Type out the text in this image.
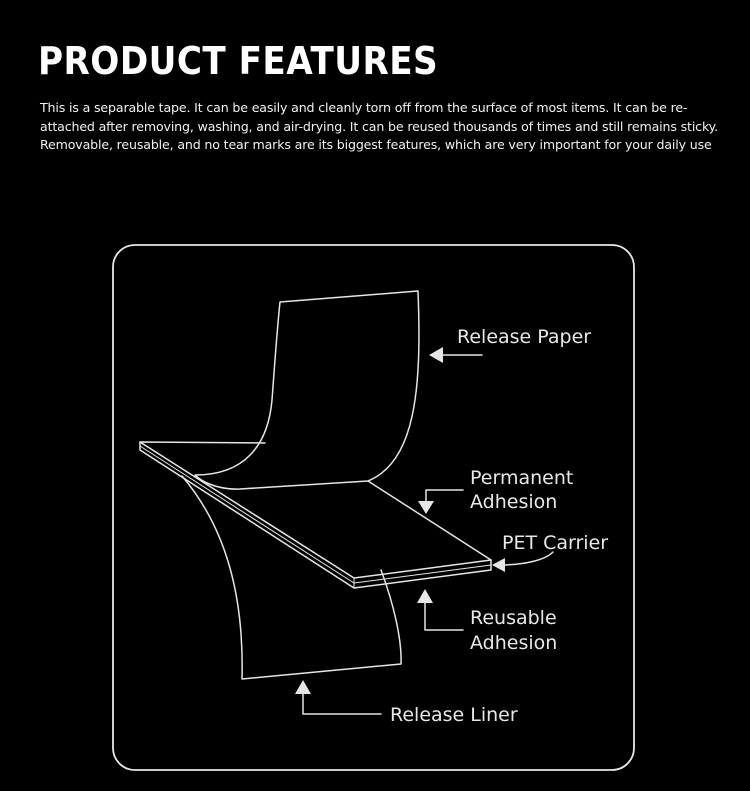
PRODUCT FEATURES

This is a separable tape. It can be easily and cleanly torn off from the surface of most items. It can be re-attached after removing, washing, and air-drying. It can be reused thousands of times and still remains sticky. Removable, reusable, and no tear marks are its biggest features, which are very important for your daily use

Release Paper
Permanent
Adhesion
PET Carrier
Reusable
Adhesion
Release Liner
